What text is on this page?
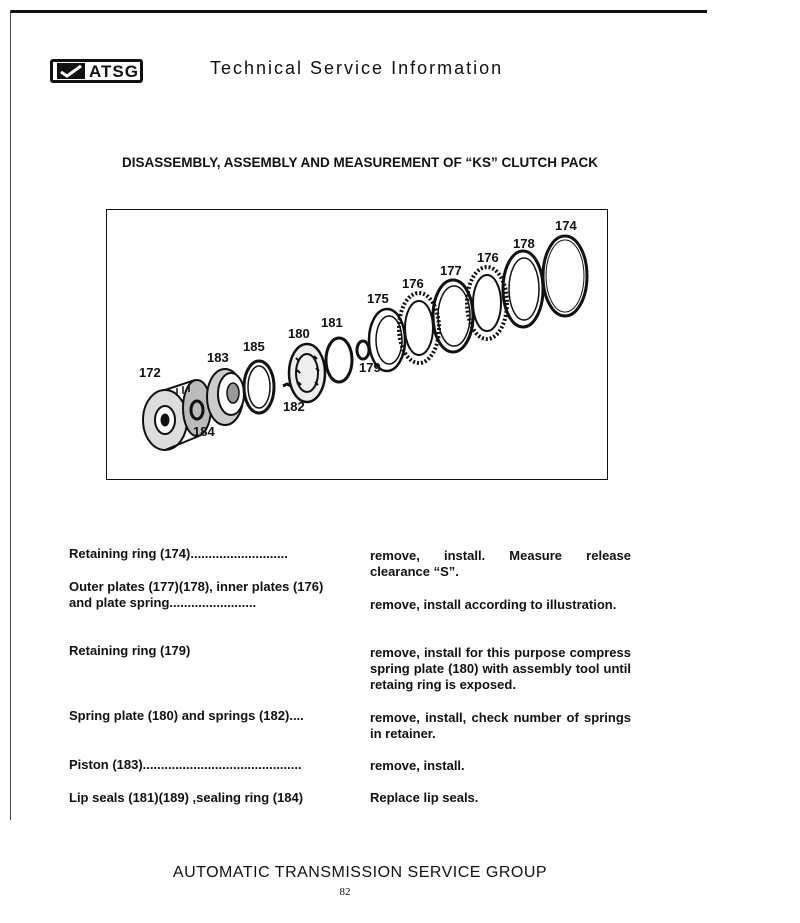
ATSG	Technical Service Information
DISASSEMBLY, ASSEMBLY AND MEASUREMENT OF “KS” CLUTCH PACK
172
184
183
185
182
180
181
179
175
176
177
176
178
174
Retaining ring (174)...........................	remove, install. Measure release clearance “S”.
Outer plates (177)(178), inner plates (176) and plate spring........................	remove, install according to illustration.
Retaining ring (179)	remove, install for this purpose compress spring plate (180) with assembly tool until retaing ring is exposed.
Spring plate (180) and springs (182)....	remove, install, check number of springs in retainer.
Piston (183)............................................	remove, install.
Lip seals (181)(189) ,sealing ring (184)	Replace lip seals.
AUTOMATIC TRANSMISSION SERVICE GROUP
82
